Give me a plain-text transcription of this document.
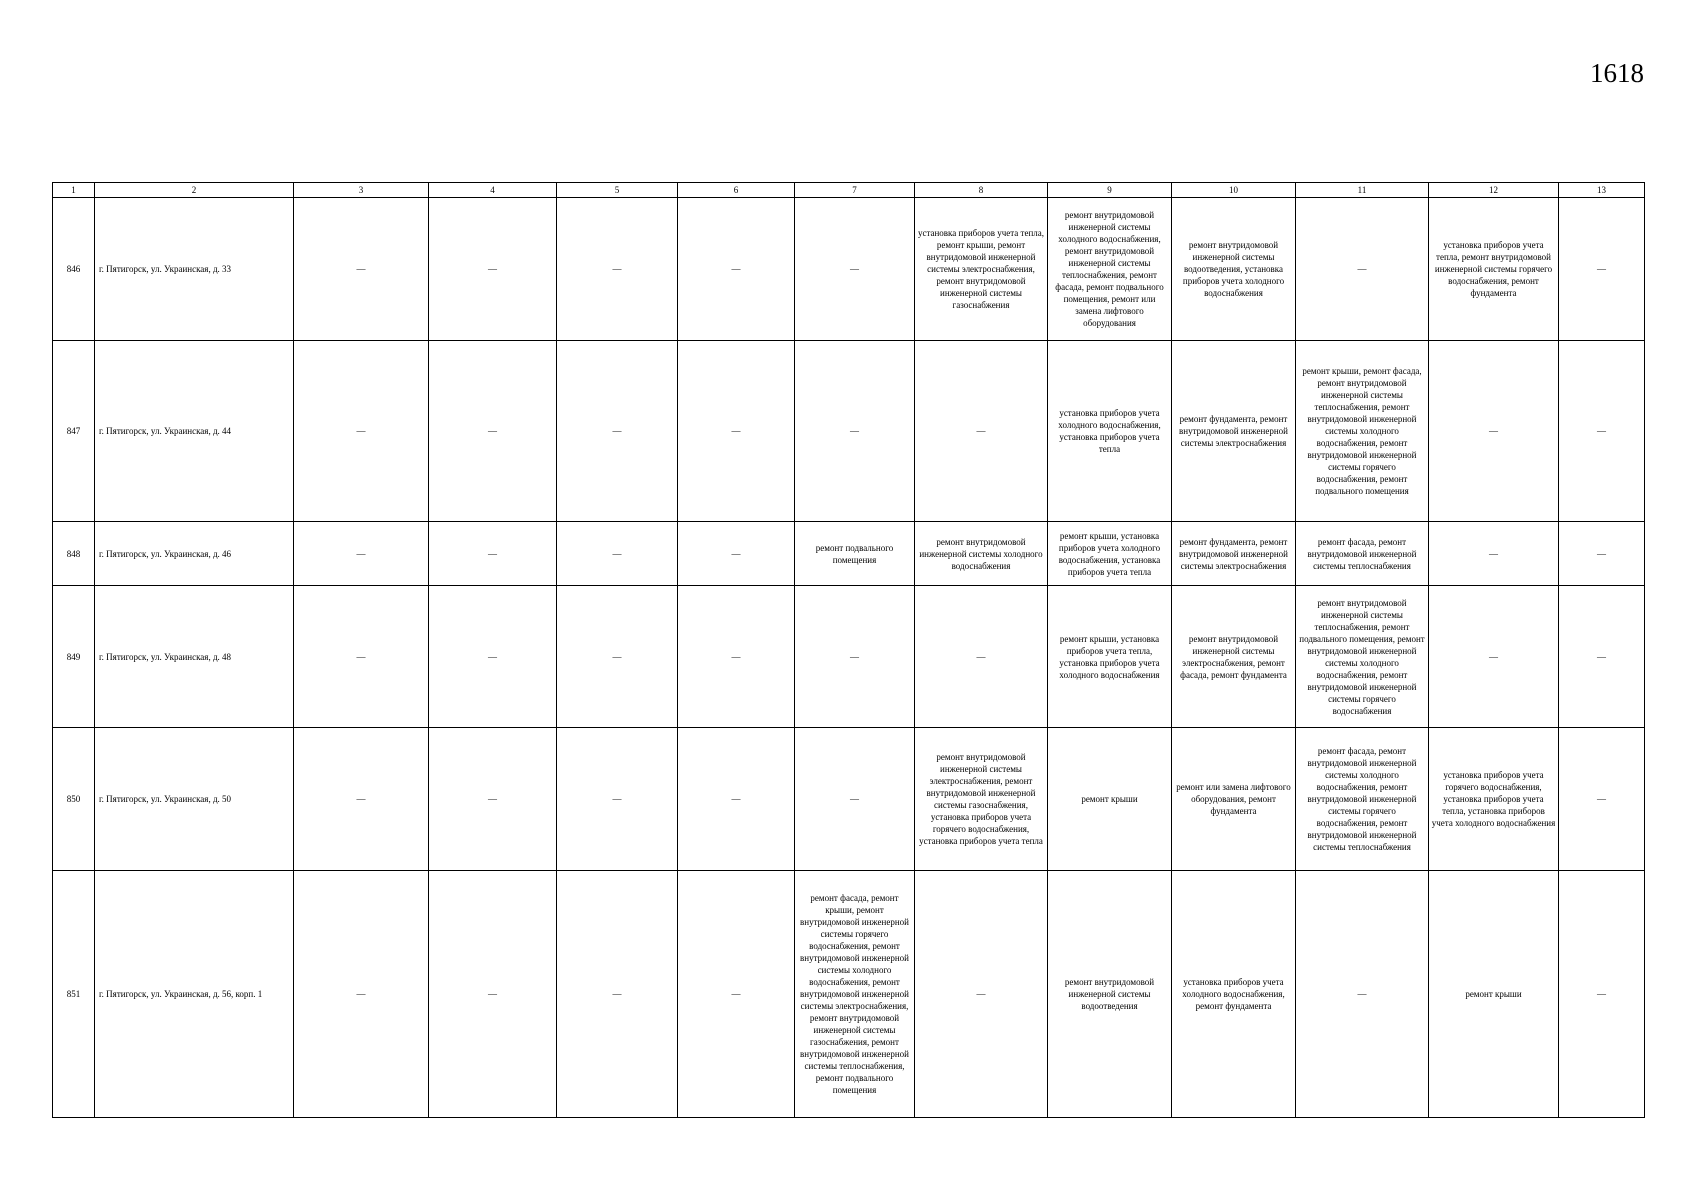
1618
1	2	3	4	5	6	7	8	9	10	11	12	13
846	г. Пятигорск, ул. Украинская, д. 33	—	—	—	—	—	установка приборов учета тепла, ремонт крыши, ремонт внутридомовой инженерной системы электроснабжения, ремонт внутридомовой инженерной системы газоснабжения	ремонт внутридомовой инженерной системы холодного водоснабжения, ремонт внутридомовой инженерной системы теплоснабжения, ремонт фасада, ремонт подвального помещения, ремонт или замена лифтового оборудования	ремонт внутридомовой инженерной системы водоотведения, установка приборов учета холодного водоснабжения	—	установка приборов учета тепла, ремонт внутридомовой инженерной системы горячего водоснабжения, ремонт фундамента	—
847	г. Пятигорск, ул. Украинская, д. 44	—	—	—	—	—	—	установка приборов учета холодного водоснабжения, установка приборов учета тепла	ремонт фундамента, ремонт внутридомовой инженерной системы электроснабжения	ремонт крыши, ремонт фасада, ремонт внутридомовой инженерной системы теплоснабжения, ремонт внутридомовой инженерной системы холодного водоснабжения, ремонт внутридомовой инженерной системы горячего водоснабжения, ремонт подвального помещения	—	—
848	г. Пятигорск, ул. Украинская, д. 46	—	—	—	—	ремонт подвального помещения	ремонт внутридомовой инженерной системы холодного водоснабжения	ремонт крыши, установка приборов учета холодного водоснабжения, установка приборов учета тепла	ремонт фундамента, ремонт внутридомовой инженерной системы электроснабжения	ремонт фасада, ремонт внутридомовой инженерной системы теплоснабжения	—	—
849	г. Пятигорск, ул. Украинская, д. 48	—	—	—	—	—	—	ремонт крыши, установка приборов учета тепла, установка приборов учета холодного водоснабжения	ремонт внутридомовой инженерной системы электроснабжения, ремонт фасада, ремонт фундамента	ремонт внутридомовой инженерной системы теплоснабжения, ремонт подвального помещения, ремонт внутридомовой инженерной системы холодного водоснабжения, ремонт внутридомовой инженерной системы горячего водоснабжения	—	—
850	г. Пятигорск, ул. Украинская, д. 50	—	—	—	—	—	ремонт внутридомовой инженерной системы электроснабжения, ремонт внутридомовой инженерной системы газоснабжения, установка приборов учета горячего водоснабжения, установка приборов учета тепла	ремонт крыши	ремонт или замена лифтового оборудования, ремонт фундамента	ремонт фасада, ремонт внутридомовой инженерной системы холодного водоснабжения, ремонт внутридомовой инженерной системы горячего водоснабжения, ремонт внутридомовой инженерной системы теплоснабжения	установка приборов учета горячего водоснабжения, установка приборов учета тепла, установка приборов учета холодного водоснабжения	—
851	г. Пятигорск, ул. Украинская, д. 56, корп. 1	—	—	—	—	ремонт фасада, ремонт крыши, ремонт внутридомовой инженерной системы горячего водоснабжения, ремонт внутридомовой инженерной системы холодного водоснабжения, ремонт внутридомовой инженерной системы электроснабжения, ремонт внутридомовой инженерной системы газоснабжения, ремонт внутридомовой инженерной системы теплоснабжения, ремонт подвального помещения	—	ремонт внутридомовой инженерной системы водоотведения	установка приборов учета холодного водоснабжения, ремонт фундамента	—	ремонт крыши	—
